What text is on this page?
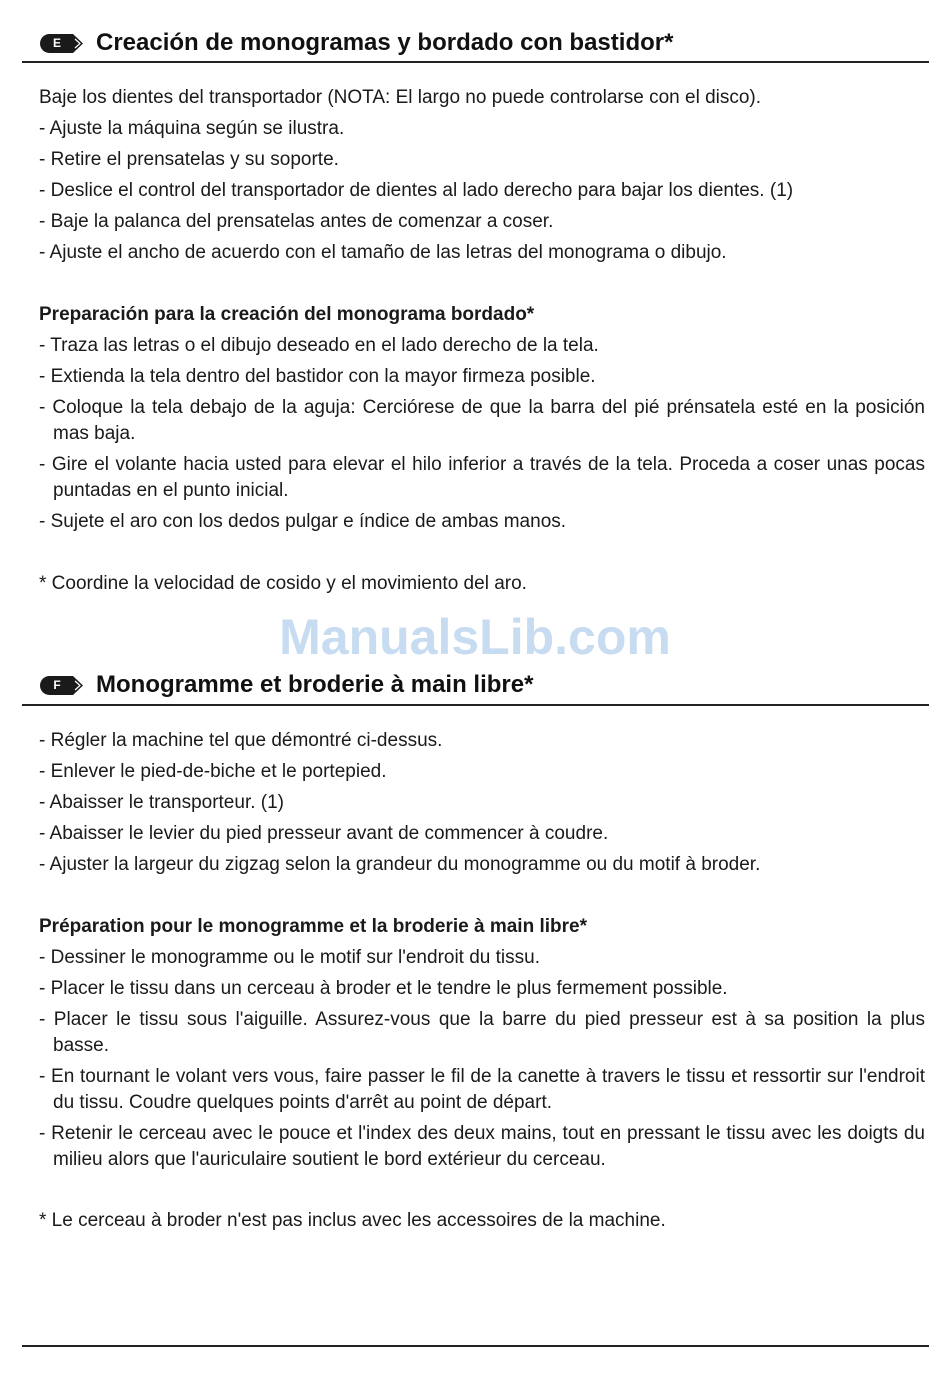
E	Creación de monogramas y bordado con bastidor*
Baje los dientes del transportador (NOTA: El largo no puede controlarse con el disco).
- Ajuste la máquina según se ilustra.
- Retire el prensatelas y su soporte.
- Deslice el control del transportador de dientes al lado derecho para bajar los dientes. (1)
- Baje la palanca del prensatelas antes de comenzar a coser.
- Ajuste el ancho de acuerdo con el tamaño de las letras del monograma o dibujo.
Preparación para la creación del monograma bordado*
- Traza las letras o el dibujo deseado en el lado derecho de la tela.
- Extienda la tela dentro del bastidor con la mayor firmeza posible.
- Coloque la tela debajo de la aguja: Cerciórese de que la barra del pié prénsatela esté en la posición mas baja.
- Gire el volante hacia usted para elevar el hilo inferior a través de la tela. Proceda a coser unas pocas puntadas en el punto inicial.
- Sujete el aro con los dedos pulgar e índice de ambas manos.
* Coordine la velocidad de cosido y el movimiento del aro.
ManualsLib.com
F	Monogramme et broderie à main libre*
- Régler la machine tel que démontré ci-dessus.
- Enlever le pied-de-biche et le portepied.
- Abaisser le transporteur. (1)
- Abaisser le levier du pied presseur avant de commencer à coudre.
- Ajuster la largeur du zigzag selon la grandeur du monogramme ou du motif à broder.
Préparation pour le monogramme et la broderie à main libre*
- Dessiner le monogramme ou le motif sur l'endroit du tissu.
- Placer le tissu dans un cerceau à broder et le tendre le plus fermement possible.
- Placer le tissu sous l'aiguille. Assurez-vous que la barre du pied presseur est à sa position la plus basse.
- En tournant le volant vers vous, faire passer le fil de la canette à travers le tissu et ressortir sur l'endroit du tissu. Coudre quelques points d'arrêt au point de départ.
- Retenir le cerceau avec le pouce et l'index des deux mains, tout en pressant le tissu avec les doigts du milieu alors que l'auriculaire soutient le bord extérieur du cerceau.
* Le cerceau à broder n'est pas inclus avec les accessoires de la machine.
